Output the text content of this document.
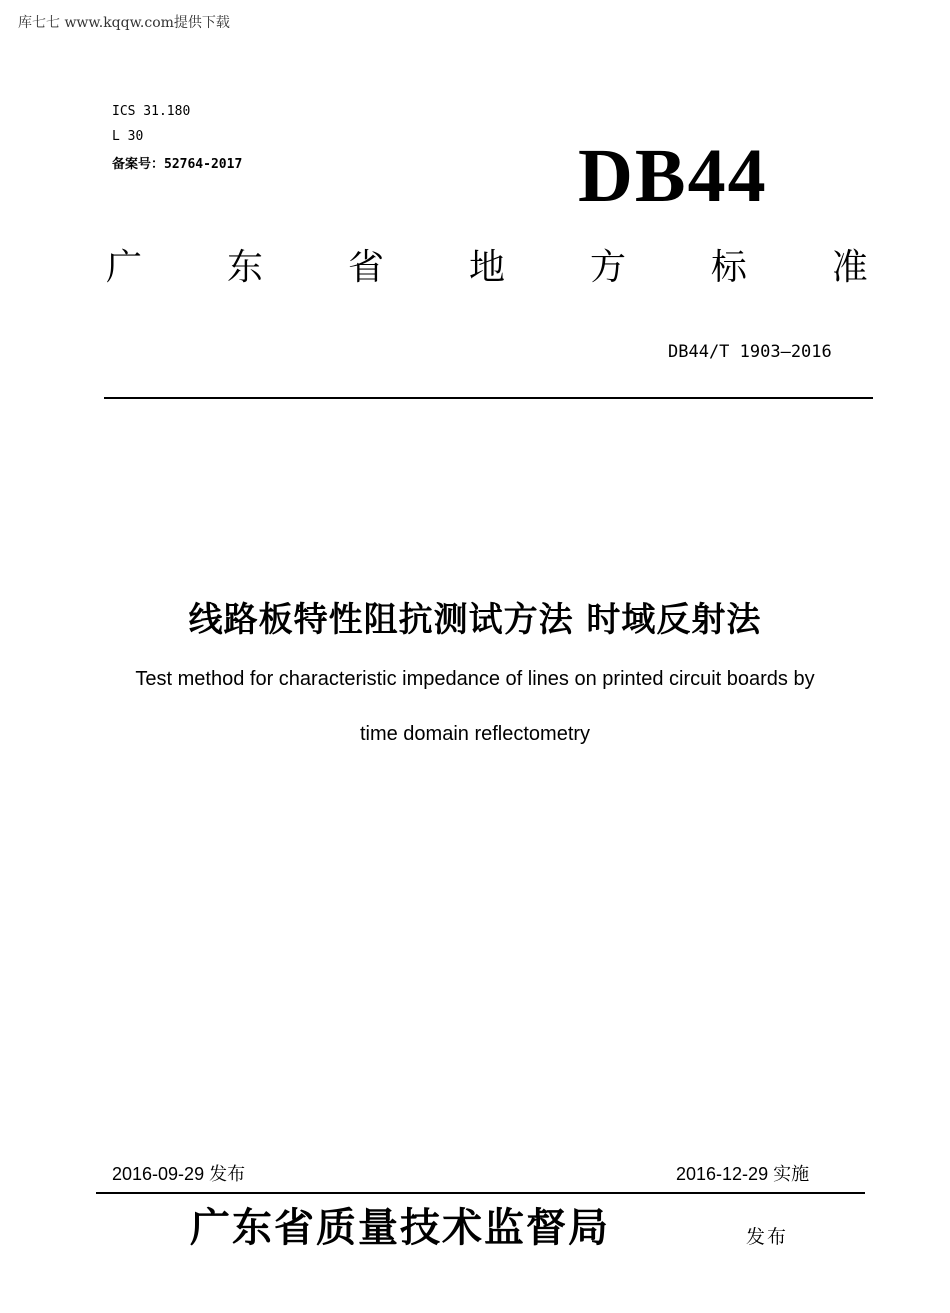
库七七 www.kqqw.com提供下载
ICS 31.180
L 30
备案号：52764-2017	DB44
广 东 省 地 方 标 准
DB44/T 1903—2016
线路板特性阻抗测试方法 时域反射法
Test method for characteristic impedance of lines on printed circuit boards by
time domain reflectometry
2016-09-29 发布	2016-12-29 实施
广东省质量技术监督局	发布
